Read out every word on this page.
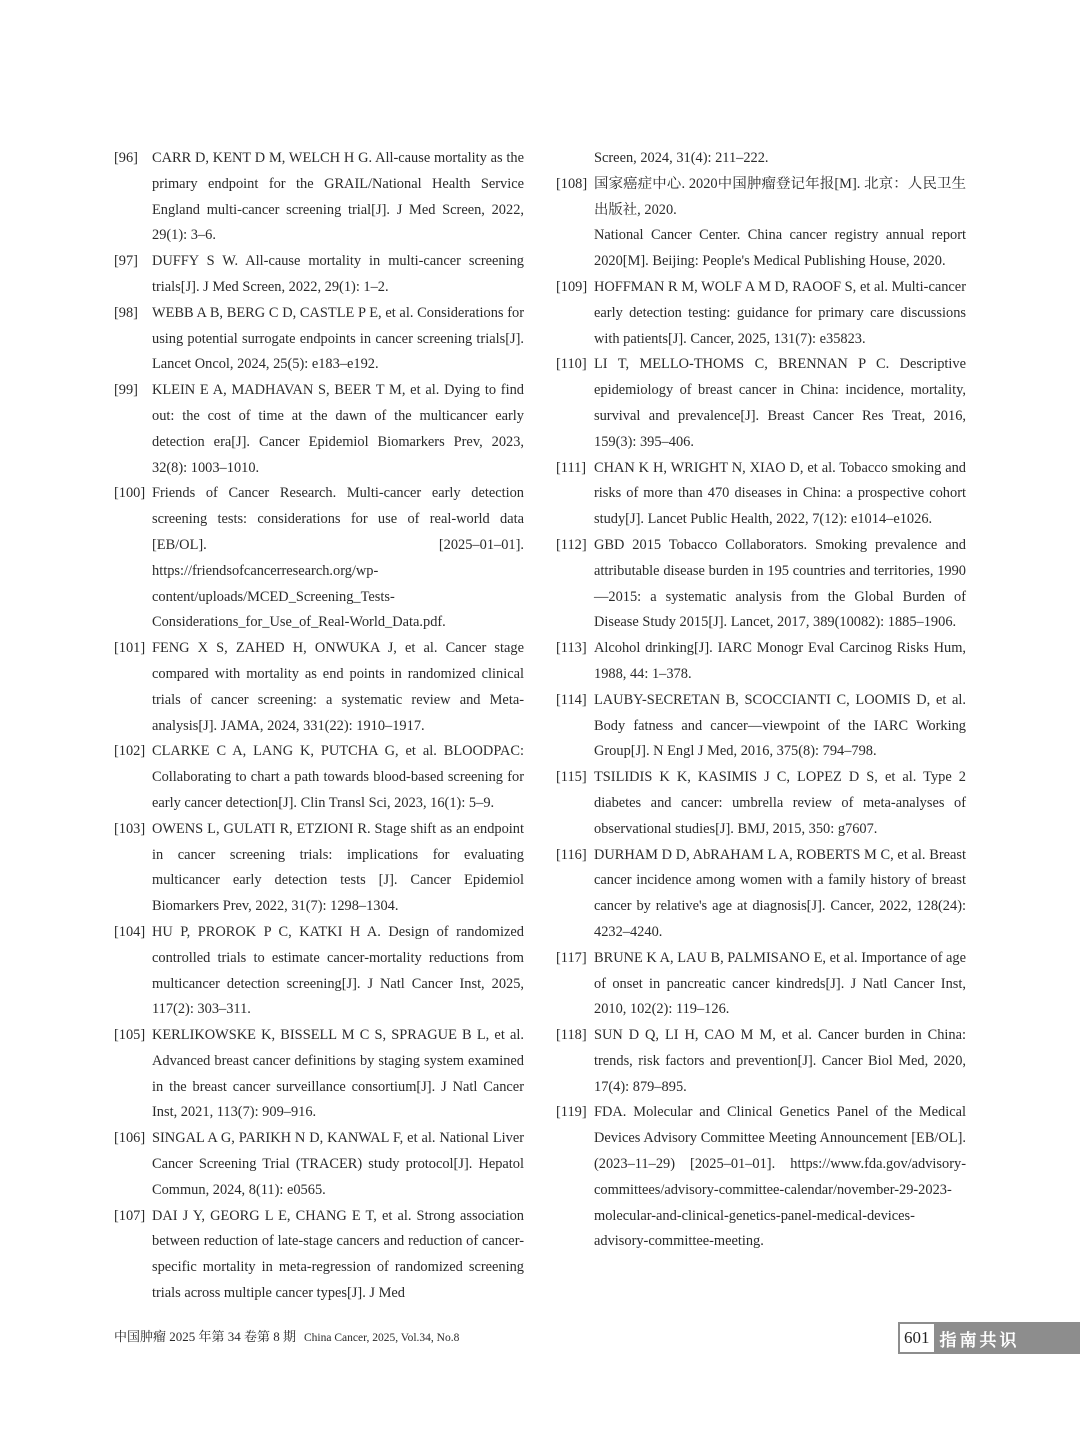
[96] CARR D, KENT D M, WELCH H G. All-cause mortality as the primary endpoint for the GRAIL/National Health Service England multi-cancer screening trial[J]. J Med Screen, 2022, 29(1): 3–6.
[97] DUFFY S W. All-cause mortality in multi-cancer screening trials[J]. J Med Screen, 2022, 29(1): 1–2.
[98] WEBB A B, BERG C D, CASTLE P E, et al. Considerations for using potential surrogate endpoints in cancer screening trials[J]. Lancet Oncol, 2024, 25(5): e183–e192.
[99] KLEIN E A, MADHAVAN S, BEER T M, et al. Dying to find out: the cost of time at the dawn of the multicancer early detection era[J]. Cancer Epidemiol Biomarkers Prev, 2023, 32(8): 1003–1010.
[100] Friends of Cancer Research. Multi-cancer early detection screening tests: considerations for use of real-world data [EB/OL]. [2025–01–01]. https://friendsofcancerresearch.org/wp-content/uploads/MCED_Screening_Tests-Considerations_for_Use_of_Real-World_Data.pdf.
[101] FENG X S, ZAHED H, ONWUKA J, et al. Cancer stage compared with mortality as end points in randomized clinical trials of cancer screening: a systematic review and Meta-analysis[J]. JAMA, 2024, 331(22): 1910–1917.
[102] CLARKE C A, LANG K, PUTCHA G, et al. BLOODPAC: Collaborating to chart a path towards blood-based screening for early cancer detection[J]. Clin Transl Sci, 2023, 16(1): 5–9.
[103] OWENS L, GULATI R, ETZIONI R. Stage shift as an endpoint in cancer screening trials: implications for evaluating multicancer early detection tests [J]. Cancer Epidemiol Biomarkers Prev, 2022, 31(7): 1298–1304.
[104] HU P, PROROK P C, KATKI H A. Design of randomized controlled trials to estimate cancer-mortality reductions from multicancer detection screening[J]. J Natl Cancer Inst, 2025, 117(2): 303–311.
[105] KERLIKOWSKE K, BISSELL M C S, SPRAGUE B L, et al. Advanced breast cancer definitions by staging system examined in the breast cancer surveillance consortium[J]. J Natl Cancer Inst, 2021, 113(7): 909–916.
[106] SINGAL A G, PARIKH N D, KANWAL F, et al. National Liver Cancer Screening Trial (TRACER) study protocol[J]. Hepatol Commun, 2024, 8(11): e0565.
[107] DAI J Y, GEORG L E, CHANG E T, et al. Strong association between reduction of late-stage cancers and reduction of cancer-specific mortality in meta-regression of randomized screening trials across multiple cancer types[J]. J Med
Screen, 2024, 31(4): 211–222.
[108] 国家癌症中心. 2020中国肿瘤登记年报[M]. 北京：人民卫生出版社, 2020.
National Cancer Center. China cancer registry annual report 2020[M]. Beijing: People's Medical Publishing House, 2020.
[109] HOFFMAN R M, WOLF A M D, RAOOF S, et al. Multi-cancer early detection testing: guidance for primary care discussions with patients[J]. Cancer, 2025, 131(7): e35823.
[110] LI T, MELLO-THOMS C, BRENNAN P C. Descriptive epidemiology of breast cancer in China: incidence, mortality, survival and prevalence[J]. Breast Cancer Res Treat, 2016, 159(3): 395–406.
[111] CHAN K H, WRIGHT N, XIAO D, et al. Tobacco smoking and risks of more than 470 diseases in China: a prospective cohort study[J]. Lancet Public Health, 2022, 7(12): e1014–e1026.
[112] GBD 2015 Tobacco Collaborators. Smoking prevalence and attributable disease burden in 195 countries and territories, 1990—2015: a systematic analysis from the Global Burden of Disease Study 2015[J]. Lancet, 2017, 389(10082): 1885–1906.
[113] Alcohol drinking[J]. IARC Monogr Eval Carcinog Risks Hum, 1988, 44: 1–378.
[114] LAUBY-SECRETAN B, SCOCCIANTI C, LOOMIS D, et al. Body fatness and cancer—viewpoint of the IARC Working Group[J]. N Engl J Med, 2016, 375(8): 794–798.
[115] TSILIDIS K K, KASIMIS J C, LOPEZ D S, et al. Type 2 diabetes and cancer: umbrella review of meta-analyses of observational studies[J]. BMJ, 2015, 350: g7607.
[116] DURHAM D D, AbRAHAM L A, ROBERTS M C, et al. Breast cancer incidence among women with a family history of breast cancer by relative's age at diagnosis[J]. Cancer, 2022, 128(24): 4232–4240.
[117] BRUNE K A, LAU B, PALMISANO E, et al. Importance of age of onset in pancreatic cancer kindreds[J]. J Natl Cancer Inst, 2010, 102(2): 119–126.
[118] SUN D Q, LI H, CAO M M, et al. Cancer burden in China: trends, risk factors and prevention[J]. Cancer Biol Med, 2020, 17(4): 879–895.
[119] FDA. Molecular and Clinical Genetics Panel of the Medical Devices Advisory Committee Meeting Announcement [EB/OL]. (2023–11–29) [2025–01–01]. https://www.fda.gov/advisory-committees/advisory-committee-calendar/november-29-2023-molecular-and-clinical-genetics-panel-medical-devices-advisory-committee-meeting.
中国肿瘤 2025 年第 34 卷第 8 期 China Cancer, 2025, Vol.34, No.8	601 指南共识
